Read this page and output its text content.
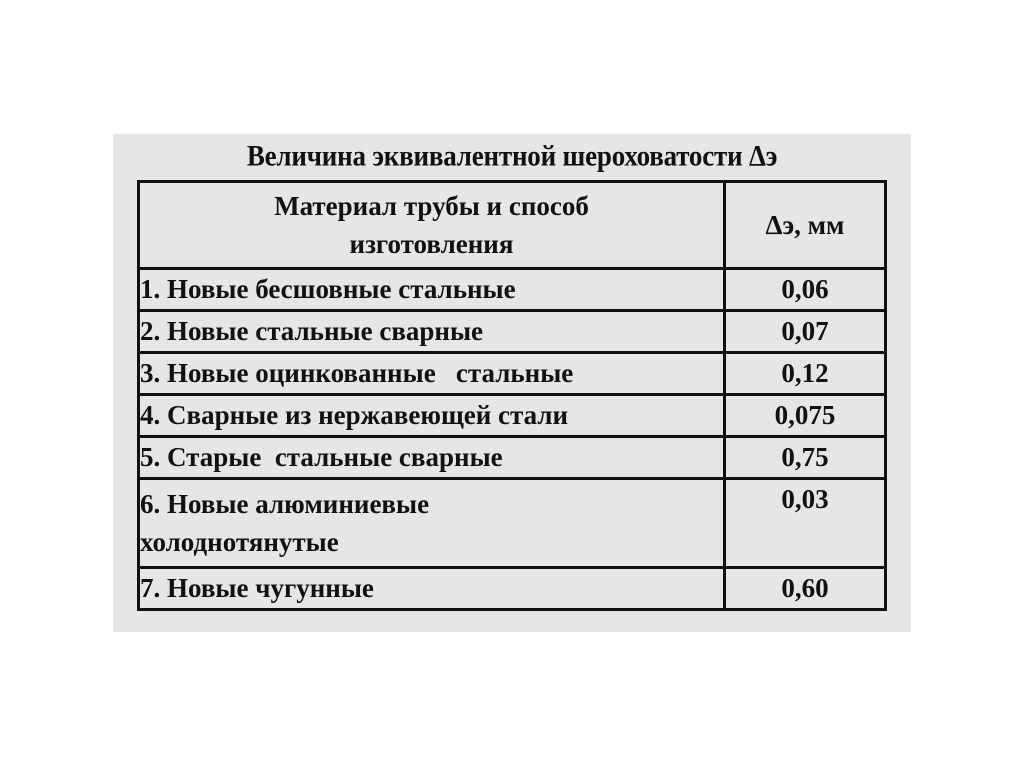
Величина эквивалентной шероховатости Δэ
Материал трубы и способ изготовления	Δэ, мм
1. Новые бесшовные стальные	0,06
2. Новые стальные сварные	0,07
3. Новые оцинкованные   стальные	0,12
4. Сварные из нержавеющей стали	0,075
5. Старые  стальные сварные	0,75
6. Новые алюминиевые холоднотянутые	0,03
7. Новые чугунные	0,60
